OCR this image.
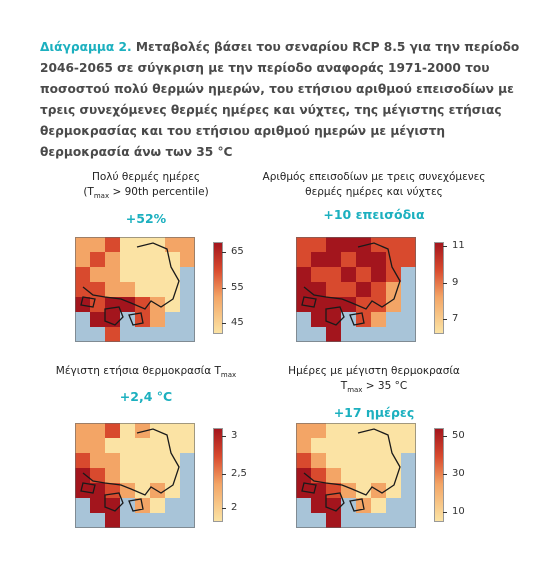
Διάγραμμα 2. Μεταβολές βάσει του σεναρίου RCP 8.5 για την περίοδο 2046-2065 σε σύγκριση με την περίοδο αναφοράς 1971-2000 του ποσοστού πολύ θερμών ημερών, του ετήσιου αριθμού επεισοδίων με τρεις συνεχόμενες θερμές ημέρες και νύχτες, της μέγιστης ετήσιας θερμοκρασίας και του ετήσιου αριθμού ημερών με μέγιστη θερμοκρασία άνω των 35 °C
Πολύ θερμές ημέρες
($T_{max} > 90th$ percentile)
+52%
65
55
45
Αριθμός επεισοδίων με τρεις συνεχόμενες
θερμές ημέρες και νύχτες
+10 επεισόδια
11
9
7
Μέγιστη ετήσια θερμοκρασία $T_{max}$
+2,4 °C
3
2,5
2
Ημέρες με μέγιστη θερμοκρασία
$T_{max} > 35$ °C
+17 ημέρες
50
30
10
